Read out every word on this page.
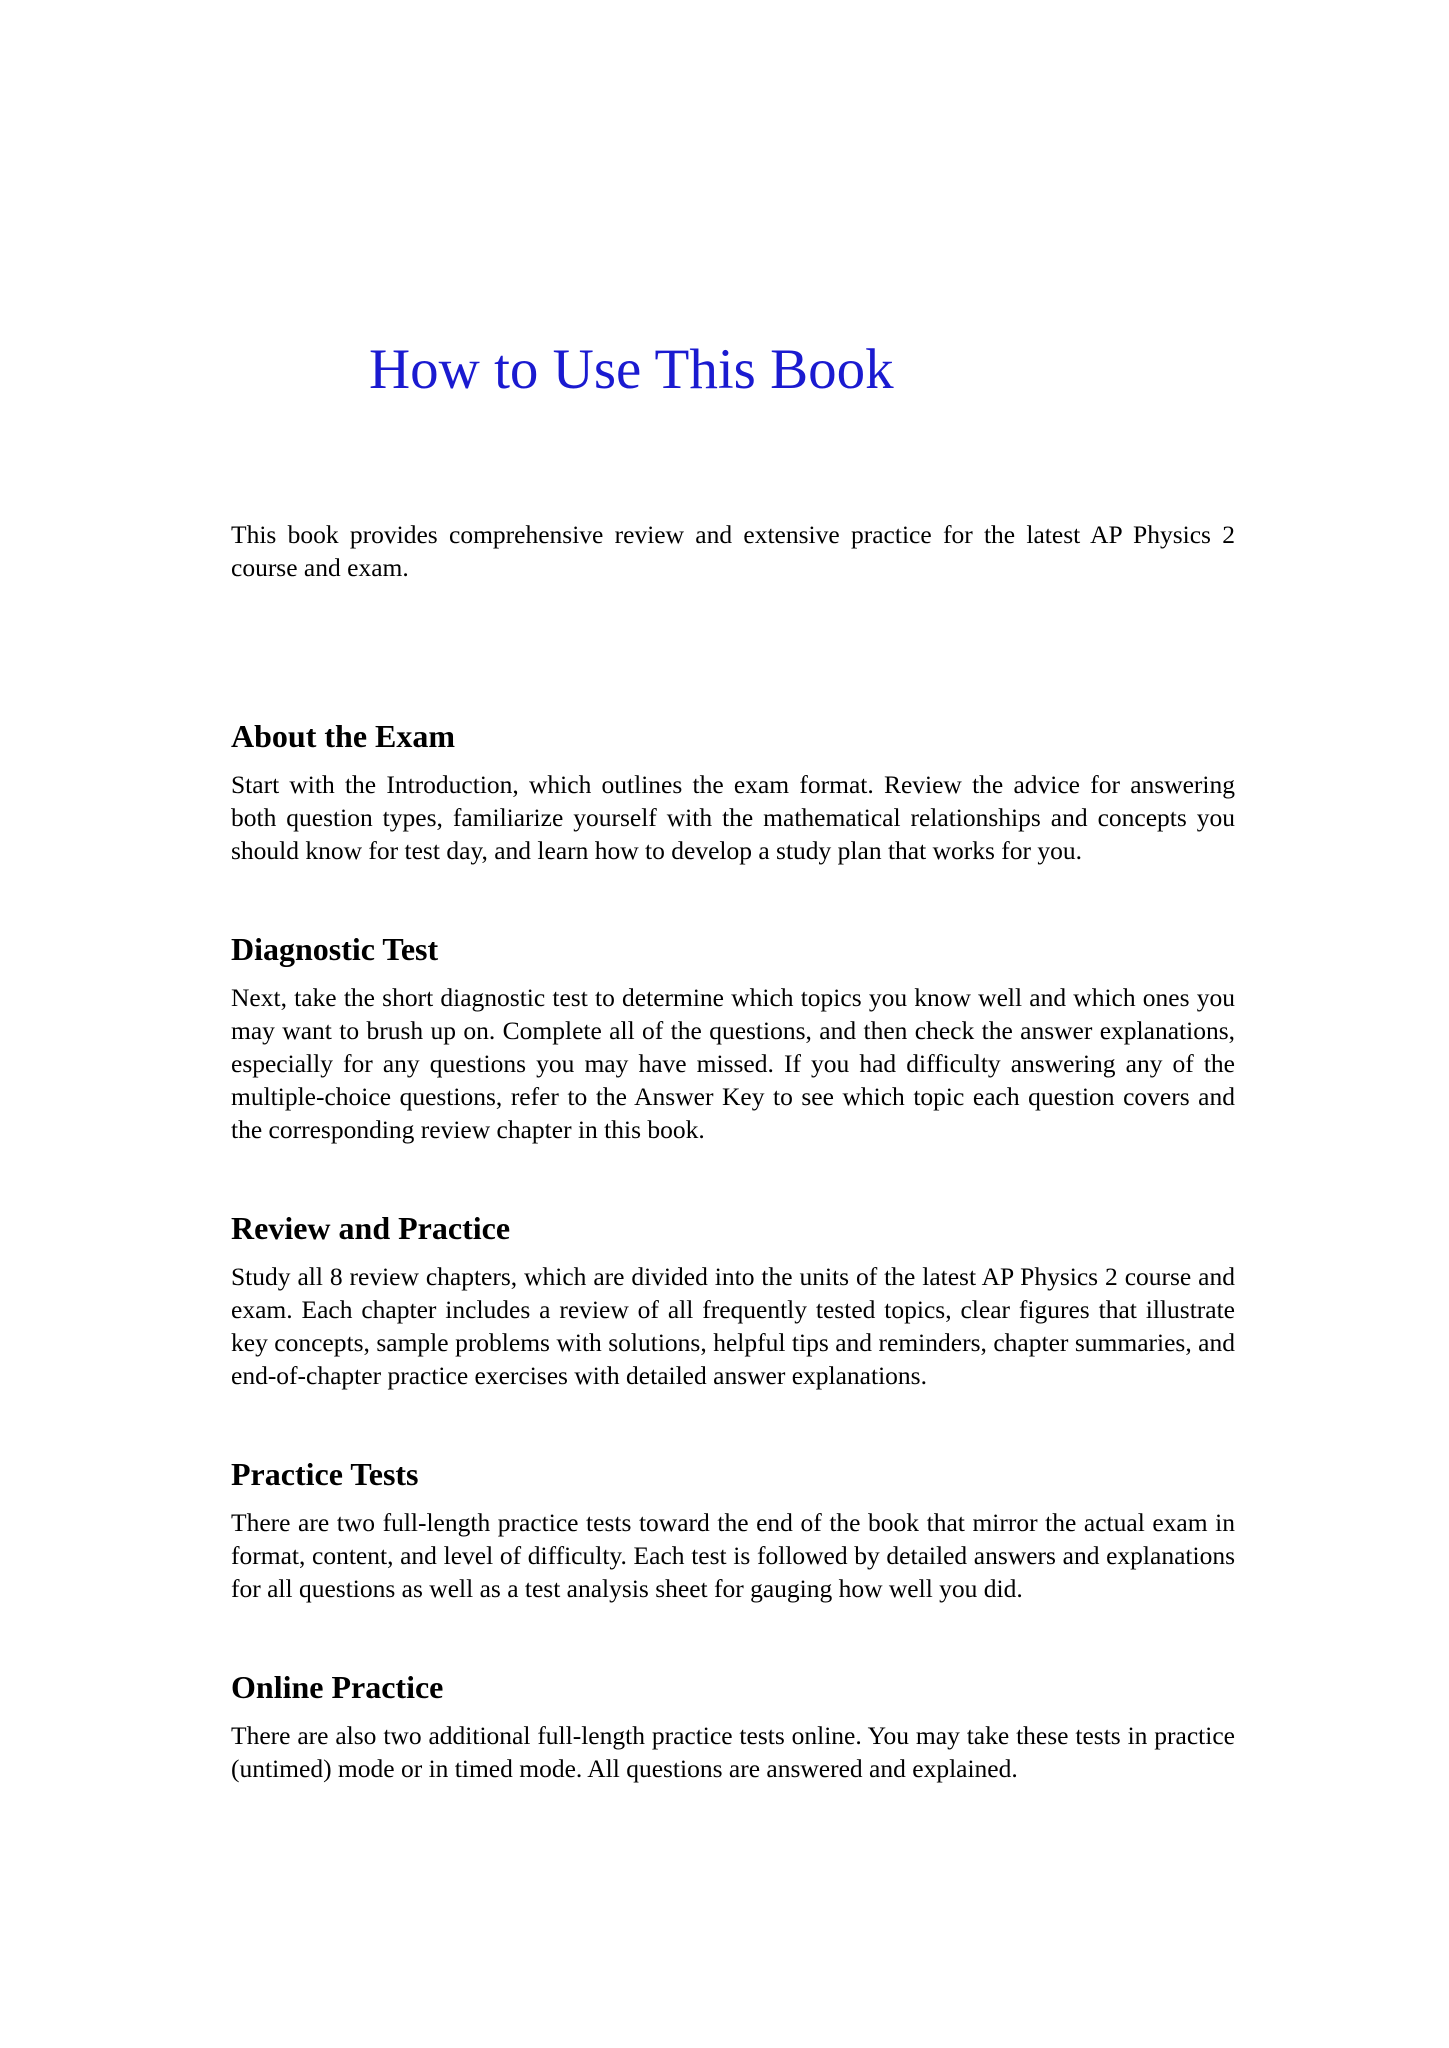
How to Use This Book

This book provides comprehensive review and extensive practice for the latest AP Physics 2 course and exam.

About the Exam

Start with the Introduction, which outlines the exam format. Review the advice for answering both question types, familiarize yourself with the mathematical relationships and concepts you should know for test day, and learn how to develop a study plan that works for you.

Diagnostic Test

Next, take the short diagnostic test to determine which topics you know well and which ones you may want to brush up on. Complete all of the questions, and then check the answer explanations, especially for any questions you may have missed. If you had difficulty answering any of the multiple-choice questions, refer to the Answer Key to see which topic each question covers and the corresponding review chapter in this book.

Review and Practice

Study all 8 review chapters, which are divided into the units of the latest AP Physics 2 course and exam. Each chapter includes a review of all frequently tested topics, clear figures that illustrate key concepts, sample problems with solutions, helpful tips and reminders, chapter summaries, and end-of-chapter practice exercises with detailed answer explanations.

Practice Tests

There are two full-length practice tests toward the end of the book that mirror the actual exam in format, content, and level of difficulty. Each test is followed by detailed answers and explanations for all questions as well as a test analysis sheet for gauging how well you did.

Online Practice

There are also two additional full-length practice tests online. You may take these tests in practice (untimed) mode or in timed mode. All questions are answered and explained.
